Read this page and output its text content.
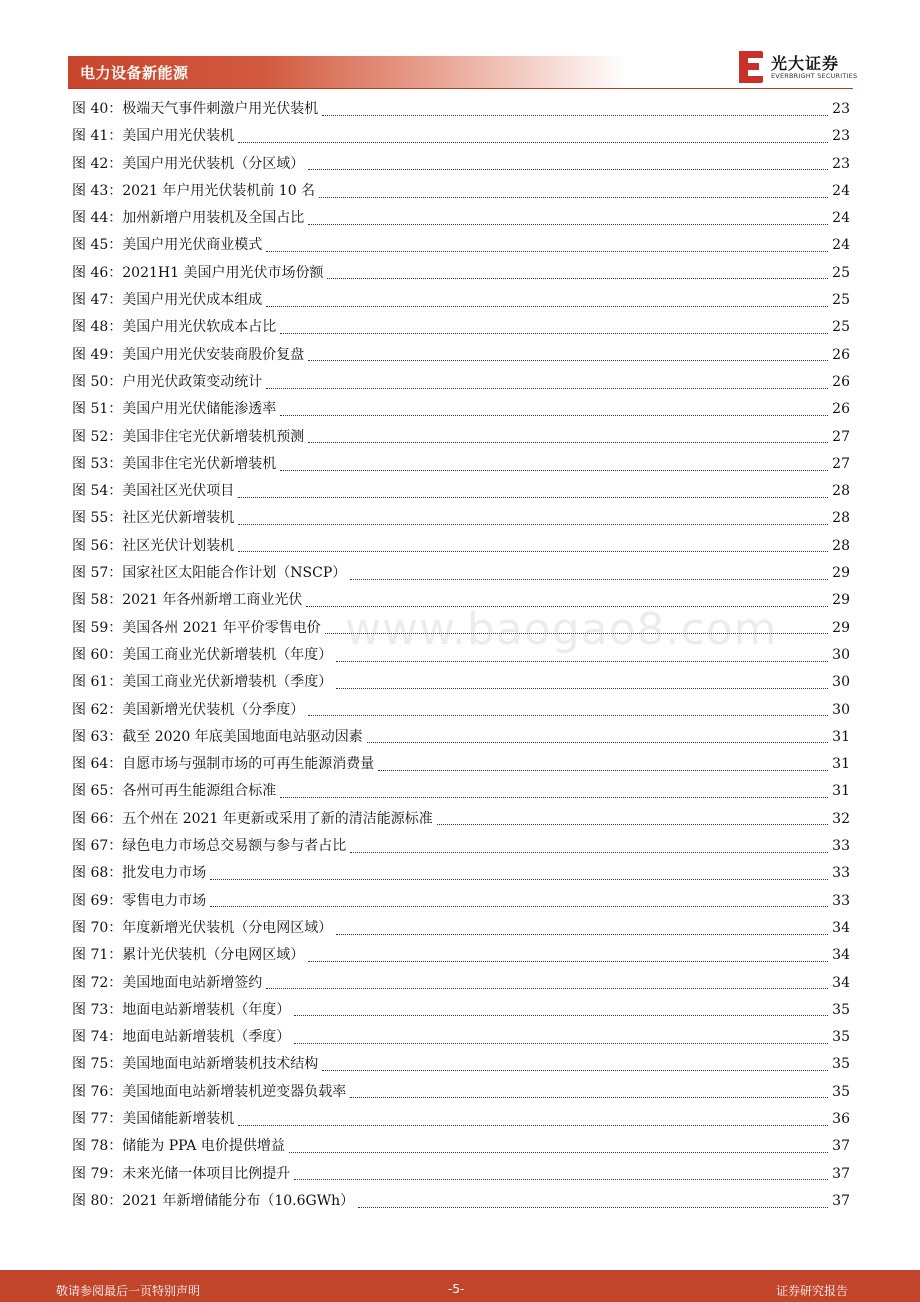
电力设备新能源	光大证券
EVERBRIGHT SECURITIES
图 40：极端天气事件刺激户用光伏装机	23
图 41：美国户用光伏装机	23
图 42：美国户用光伏装机（分区域）	23
图 43：2021 年户用光伏装机前 10 名	24
图 44：加州新增户用装机及全国占比	24
图 45：美国户用光伏商业模式	24
图 46：2021H1 美国户用光伏市场份额	25
图 47：美国户用光伏成本组成	25
图 48：美国户用光伏软成本占比	25
图 49：美国户用光伏安装商股价复盘	26
图 50：户用光伏政策变动统计	26
图 51：美国户用光伏储能渗透率	26
图 52：美国非住宅光伏新增装机预测	27
图 53：美国非住宅光伏新增装机	27
图 54：美国社区光伏项目	28
图 55：社区光伏新增装机	28
图 56：社区光伏计划装机	28
图 57：国家社区太阳能合作计划（NSCP）	29
图 58：2021 年各州新增工商业光伏	29
图 59：美国各州 2021 年平价零售电价	29
图 60：美国工商业光伏新增装机（年度）	30
图 61：美国工商业光伏新增装机（季度）	30
图 62：美国新增光伏装机（分季度）	30
图 63：截至 2020 年底美国地面电站驱动因素	31
图 64：自愿市场与强制市场的可再生能源消费量	31
图 65：各州可再生能源组合标准	31
图 66：五个州在 2021 年更新或采用了新的清洁能源标准	32
图 67：绿色电力市场总交易额与参与者占比	33
图 68：批发电力市场	33
图 69：零售电力市场	33
图 70：年度新增光伏装机（分电网区域）	34
图 71：累计光伏装机（分电网区域）	34
图 72：美国地面电站新增签约	34
图 73：地面电站新增装机（年度）	35
图 74：地面电站新增装机（季度）	35
图 75：美国地面电站新增装机技术结构	35
图 76：美国地面电站新增装机逆变器负载率	35
图 77：美国储能新增装机	36
图 78：储能为 PPA 电价提供增益	37
图 79：未来光储一体项目比例提升	37
图 80：2021 年新增储能分布（10.6GWh）	37
www.baogao8.com
敬请参阅最后一页特别声明	-5-	证券研究报告
